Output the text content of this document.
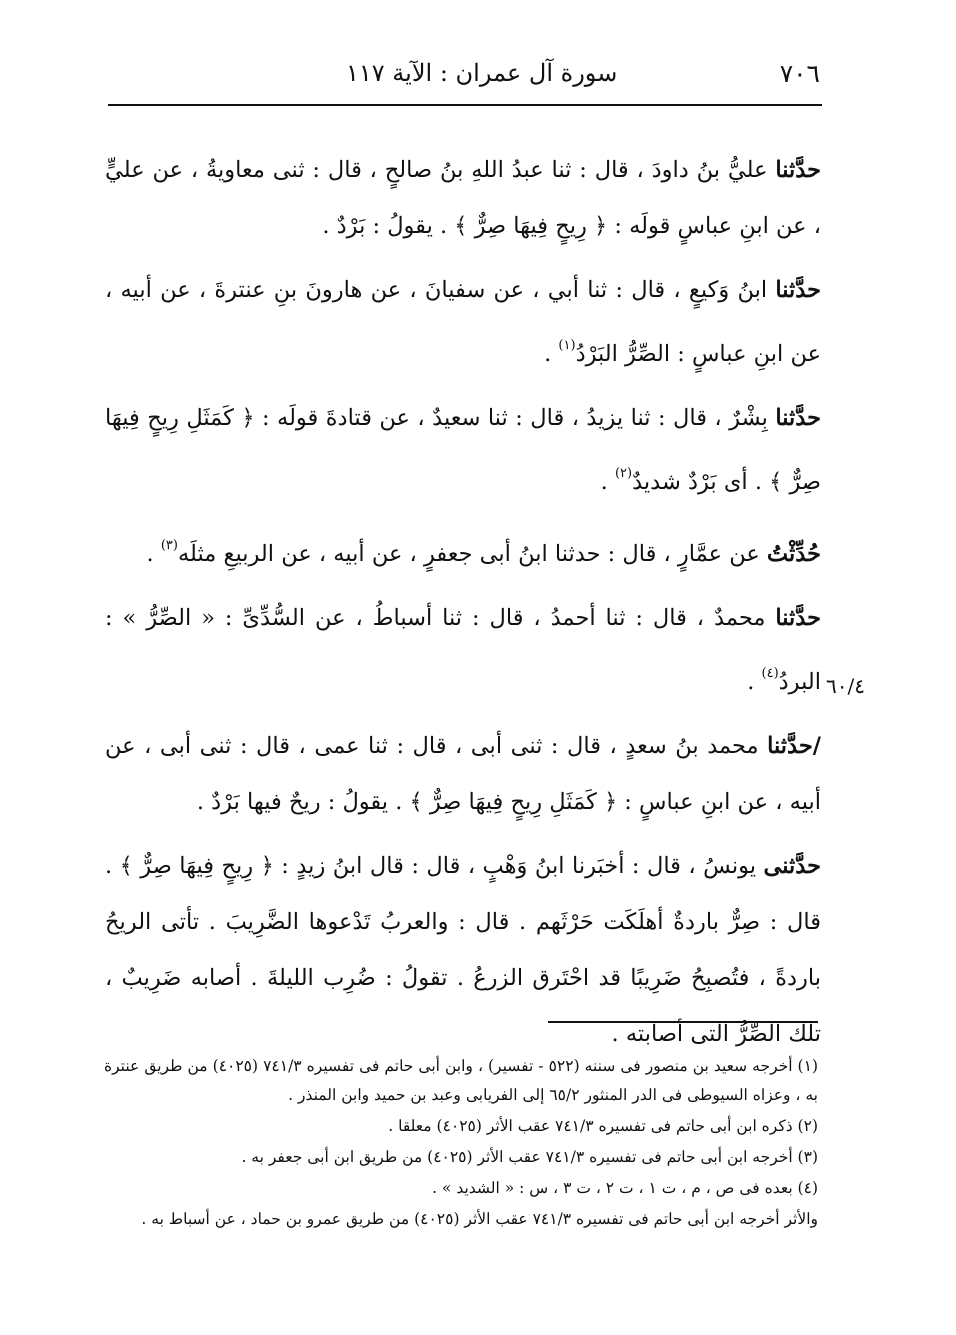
٧٠٦
سورة آل عمران : الآية ١١٧
٦٠/٤

حدَّثنا عليُّ بنُ داودَ ، قال : ثنا عبدُ اللهِ بنُ صالحٍ ، قال : ثنى معاويةُ ، عن عليٍّ ، عن ابنِ عباسٍ قولَه : ﴿ رِيحٍ فِيهَا صِرٌّ ﴾ . يقولُ : بَرْدٌ .

حدَّثنا ابنُ وَكيعٍ ، قال : ثنا أبي ، عن سفيانَ ، عن هارونَ بنِ عنترةَ ، عن أبيه ، عن ابنِ عباسٍ : الصِّرُّ البَرْدُ$^{(١)}$ .

حدَّثنا بِشْرٌ ، قال : ثنا يزيدُ ، قال : ثنا سعيدٌ ، عن قتادةَ قولَه : ﴿ كَمَثَلِ رِيحٍ فِيهَا صِرٌّ ﴾ . أى بَرْدٌ شديدٌ$^{(٢)}$ .

حُدِّثْتُ عن عمَّارٍ ، قال : حدثنا ابنُ أبى جعفرٍ ، عن أبيه ، عن الربيعِ مثلَه$^{(٣)}$ .

حدَّثنا محمدٌ ، قال : ثنا أحمدُ ، قال : ثنا أسباطُ ، عن السُّدِّىِّ : « الصِّرُّ » : البردُ$^{(٤)}$ .

/حدَّثنا محمد بنُ سعدٍ ، قال : ثنى أبى ، قال : ثنا عمى ، قال : ثنى أبى ، عن أبيه ، عن ابنِ عباسٍ : ﴿ كَمَثَلِ رِيحٍ فِيهَا صِرٌّ ﴾ . يقولُ : ريحٌ فيها بَرْدٌ .

حدَّثنى يونسُ ، قال : أخبَرنا ابنُ وَهْبٍ ، قال : قال ابنُ زيدٍ : ﴿ رِيحٍ فِيهَا صِرٌّ ﴾ . قال : صِرٌّ باردةٌ أهلَكَت حَرْثَهم . قال : والعربُ تَدْعوها الضَّرِيبَ . تأتى الريحُ باردةً ، فتُصبِحُ ضَرِيبًا قد احْتَرق الزرعُ . تقولُ : ضُرِب الليلةَ . أصابه ضَرِيبٌ ، تلك الصِّرُّ التى أصابته .

(١) أخرجه سعيد بن منصور فى سننه (٥٢٢ - تفسير) ، وابن أبى حاتم فى تفسيره ٧٤١/٣ (٤٠٢٥) من طريق عنترة به ، وعزاه السيوطى فى الدر المنثور ٦٥/٢ إلى الفريابى وعبد بن حميد وابن المنذر .

(٢) ذكره ابن أبى حاتم فى تفسيره ٧٤١/٣ عقب الأثر (٤٠٢٥) معلقا .

(٣) أخرجه ابن أبى حاتم فى تفسيره ٧٤١/٣ عقب الأثر (٤٠٢٥) من طريق ابن أبى جعفر به .

(٤) بعده فى ص ، م ، ت ١ ، ت ٢ ، ت ٣ ، س : « الشديد » .

والأثر أخرجه ابن أبى حاتم فى تفسيره ٧٤١/٣ عقب الأثر (٤٠٢٥) من طريق عمرو بن حماد ، عن أسباط به .
